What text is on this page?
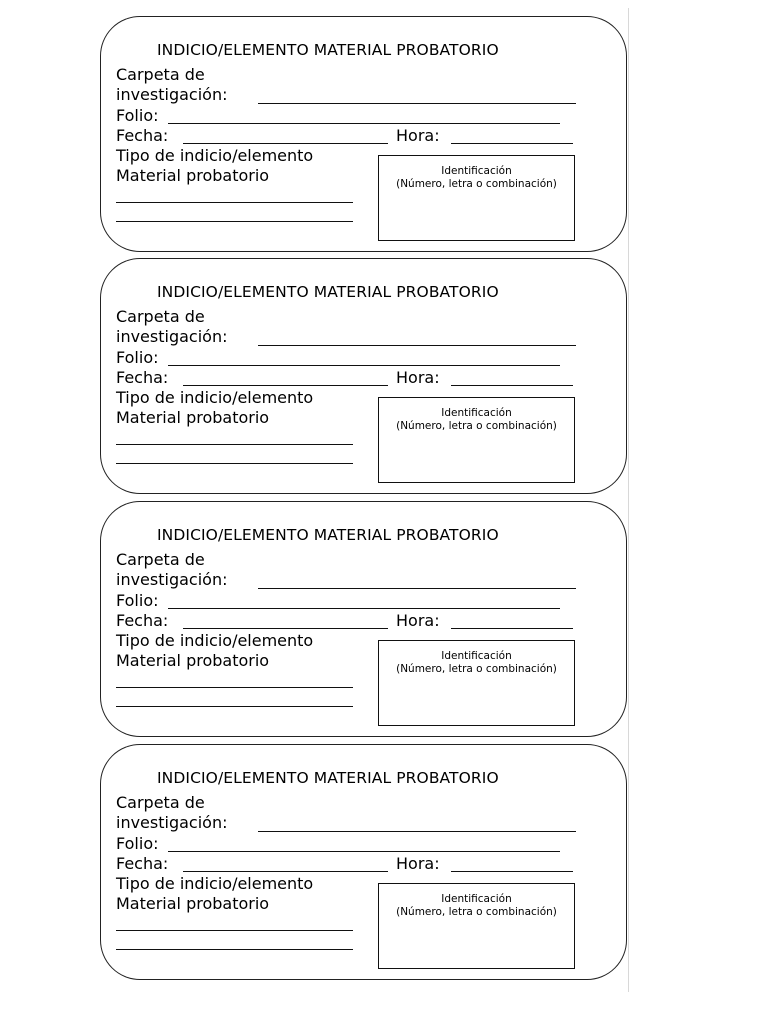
INDICIO/ELEMENTO MATERIAL PROBATORIO
Carpeta de
investigación:
Folio:
Fecha:	Hora:
Tipo de indicio/elemento
Material probatorio	Identificación
(Número, letra o combinación)
INDICIO/ELEMENTO MATERIAL PROBATORIO
Carpeta de
investigación:
Folio:
Fecha:	Hora:
Tipo de indicio/elemento
Material probatorio	Identificación
(Número, letra o combinación)
INDICIO/ELEMENTO MATERIAL PROBATORIO
Carpeta de
investigación:
Folio:
Fecha:	Hora:
Tipo de indicio/elemento
Material probatorio	Identificación
(Número, letra o combinación)
INDICIO/ELEMENTO MATERIAL PROBATORIO
Carpeta de
investigación:
Folio:
Fecha:	Hora:
Tipo de indicio/elemento
Material probatorio	Identificación
(Número, letra o combinación)
